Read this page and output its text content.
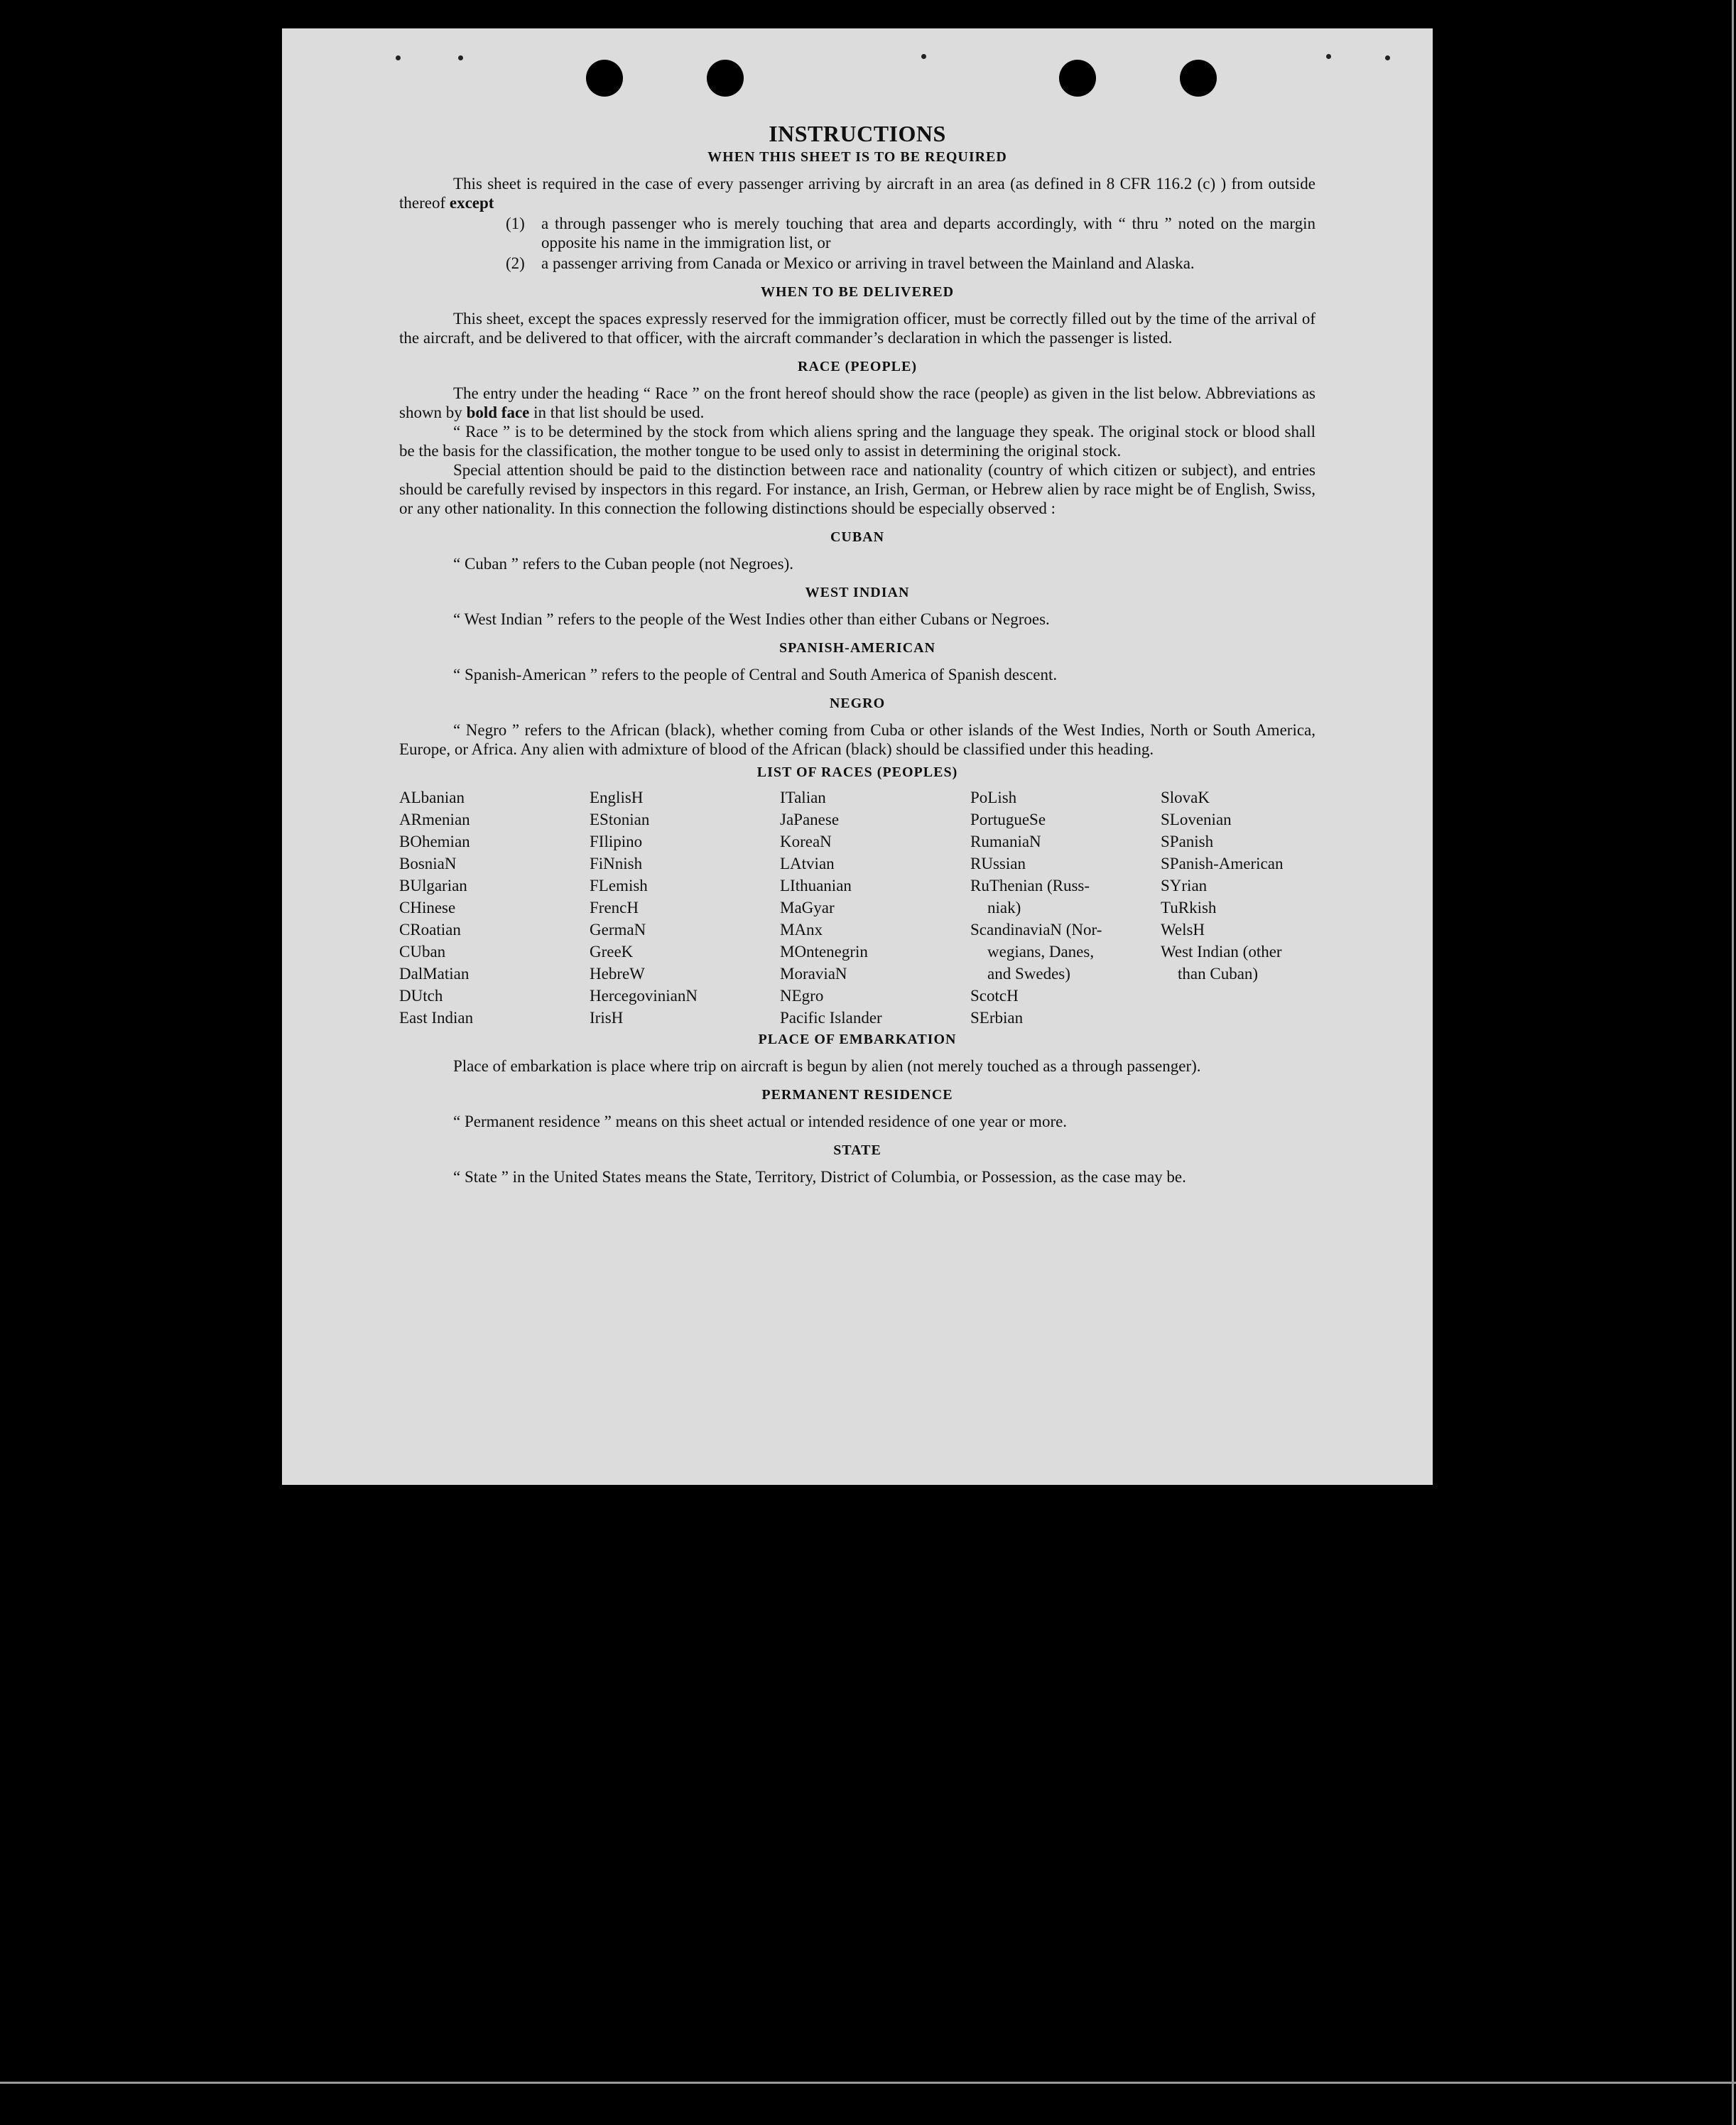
INSTRUCTIONS
WHEN THIS SHEET IS TO BE REQUIRED

This sheet is required in the case of every passenger arriving by aircraft in an area (as defined in 8 CFR 116.2 (c) ) from outside thereof except

(1)	a through passenger who is merely touching that area and departs accordingly, with “ thru ” noted on the margin opposite his name in the immigration list, or
(2)	a passenger arriving from Canada or Mexico or arriving in travel between the Mainland and Alaska.
WHEN TO BE DELIVERED

This sheet, except the spaces expressly reserved for the immigration officer, must be correctly filled out by the time of the arrival of the aircraft, and be delivered to that officer, with the aircraft commander’s declaration in which the passenger is listed.

RACE (PEOPLE)

The entry under the heading “ Race ” on the front hereof should show the race (people) as given in the list below. Abbreviations as shown by bold face in that list should be used.

“ Race ” is to be determined by the stock from which aliens spring and the language they speak. The original stock or blood shall be the basis for the classification, the mother tongue to be used only to assist in determining the original stock.

Special attention should be paid to the distinction between race and nationality (country of which citizen or subject), and entries should be carefully revised by inspectors in this regard. For instance, an Irish, German, or Hebrew alien by race might be of English, Swiss, or any other nationality. In this connection the following distinctions should be especially observed :

CUBAN

“ Cuban ” refers to the Cuban people (not Negroes).

WEST INDIAN

“ West Indian ” refers to the people of the West Indies other than either Cubans or Negroes.

SPANISH-AMERICAN

“ Spanish-American ” refers to the people of Central and South America of Spanish descent.

NEGRO

“ Negro ” refers to the African (black), whether coming from Cuba or other islands of the West Indies, North or South America, Europe, or Africa. Any alien with admixture of blood of the African (black) should be classified under this heading.

LIST OF RACES (PEOPLES)
ALbanian
ARmenian
BOhemian
BosniaN
BUlgarian
CHinese
CRoatian
CUban
DalMatian
DUtch
East Indian
EnglisH
EStonian
FIlipino
FiNnish
FLemish
FrencH
GermaN
GreeK
HebreW
HercegovinianN
IrisH
ITalian
JaPanese
KoreaN
LAtvian
LIthuanian
MaGyar
MAnx
MOntenegrin
MoraviaN
NEgro
Pacific Islander
PoLish
PortugueSe
RumaniaN
RUssian
RuThenian (Russ-
niak)
ScandinaviaN (Nor-
wegians, Danes,
and Swedes)
ScotcH
SErbian
SlovaK
SLovenian
SPanish
SPanish-American
SYrian
TuRkish
WelsH
West Indian (other
than Cuban)
PLACE OF EMBARKATION

Place of embarkation is place where trip on aircraft is begun by alien (not merely touched as a through passenger).

PERMANENT RESIDENCE

“ Permanent residence ” means on this sheet actual or intended residence of one year or more.

STATE

“ State ” in the United States means the State, Territory, District of Columbia, or Possession, as the case may be.
